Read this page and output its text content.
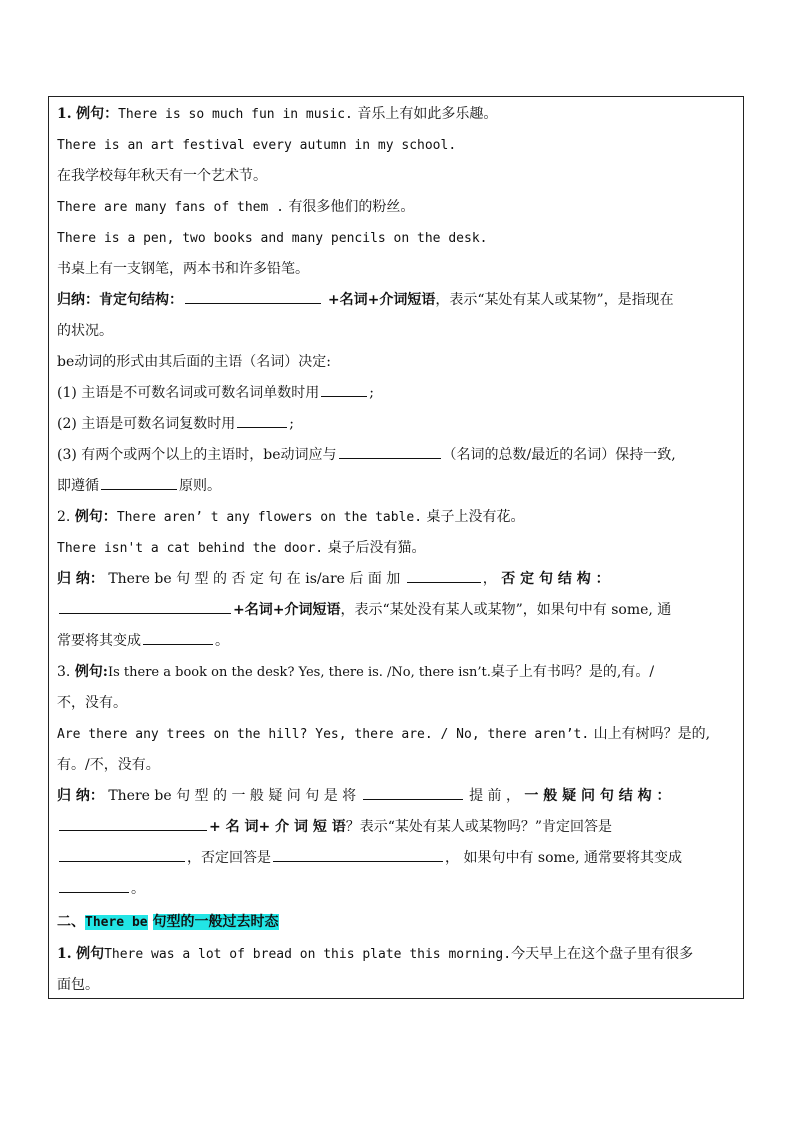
1. 例句：There is so much fun in music. 音乐上有如此多乐趣。
There is an art festival every autumn in my school.
在我学校每年秋天有一个艺术节。
There are many fans of them . 有很多他们的粉丝。
There is a pen, two books and many pencils on the desk.
书桌上有一支钢笔，两本书和许多铅笔。
归纳：肯定句结构：	+名词+介词短语，表示“某处有某人或某物”，是指现在
的状况。
be动词的形式由其后面的主语（名词）决定:
(1) 主语是不可数名词或可数名词单数时用	;
(2) 主语是可数名词复数时用	;
(3) 有两个或两个以上的主语时，be动词应与	（名词的总数/最近的名词）保持一致,
即遵循	原则。
2. 例句：There aren’ t any flowers on the table. 桌子上没有花。
There isn't a cat behind the door. 桌子后没有猫。
归 纳： There be 句 型 的 否 定 句 在 is/are 后 面 加	， 否 定 句 结 构 ：
+名词+介词短语，表示“某处没有某人或某物”，如果句中有 some, 通
常要将其变成	。
3. 例句:Is there a book on the desk? Yes, there is. /No, there isn’t.桌子上有书吗？是的,有。/
不，没有。
Are there any trees on the hill? Yes, there are. / No, there aren’t. 山上有树吗？是的,
有。/不，没有。
归 纳： There be 句 型 的 一 般 疑 问 句 是 将	提 前 ， 一 般 疑 问 句 结 构 ：
+ 名 词+ 介 词 短 语？表示“某处有某人或某物吗？”肯定回答是
，否定回答是	， 如果句中有 some, 通常要将其变成
。
二、There be 句型的一般过去时态
1. 例句There was a lot of bread on this plate this morning.今天早上在这个盘子里有很多
面包。
